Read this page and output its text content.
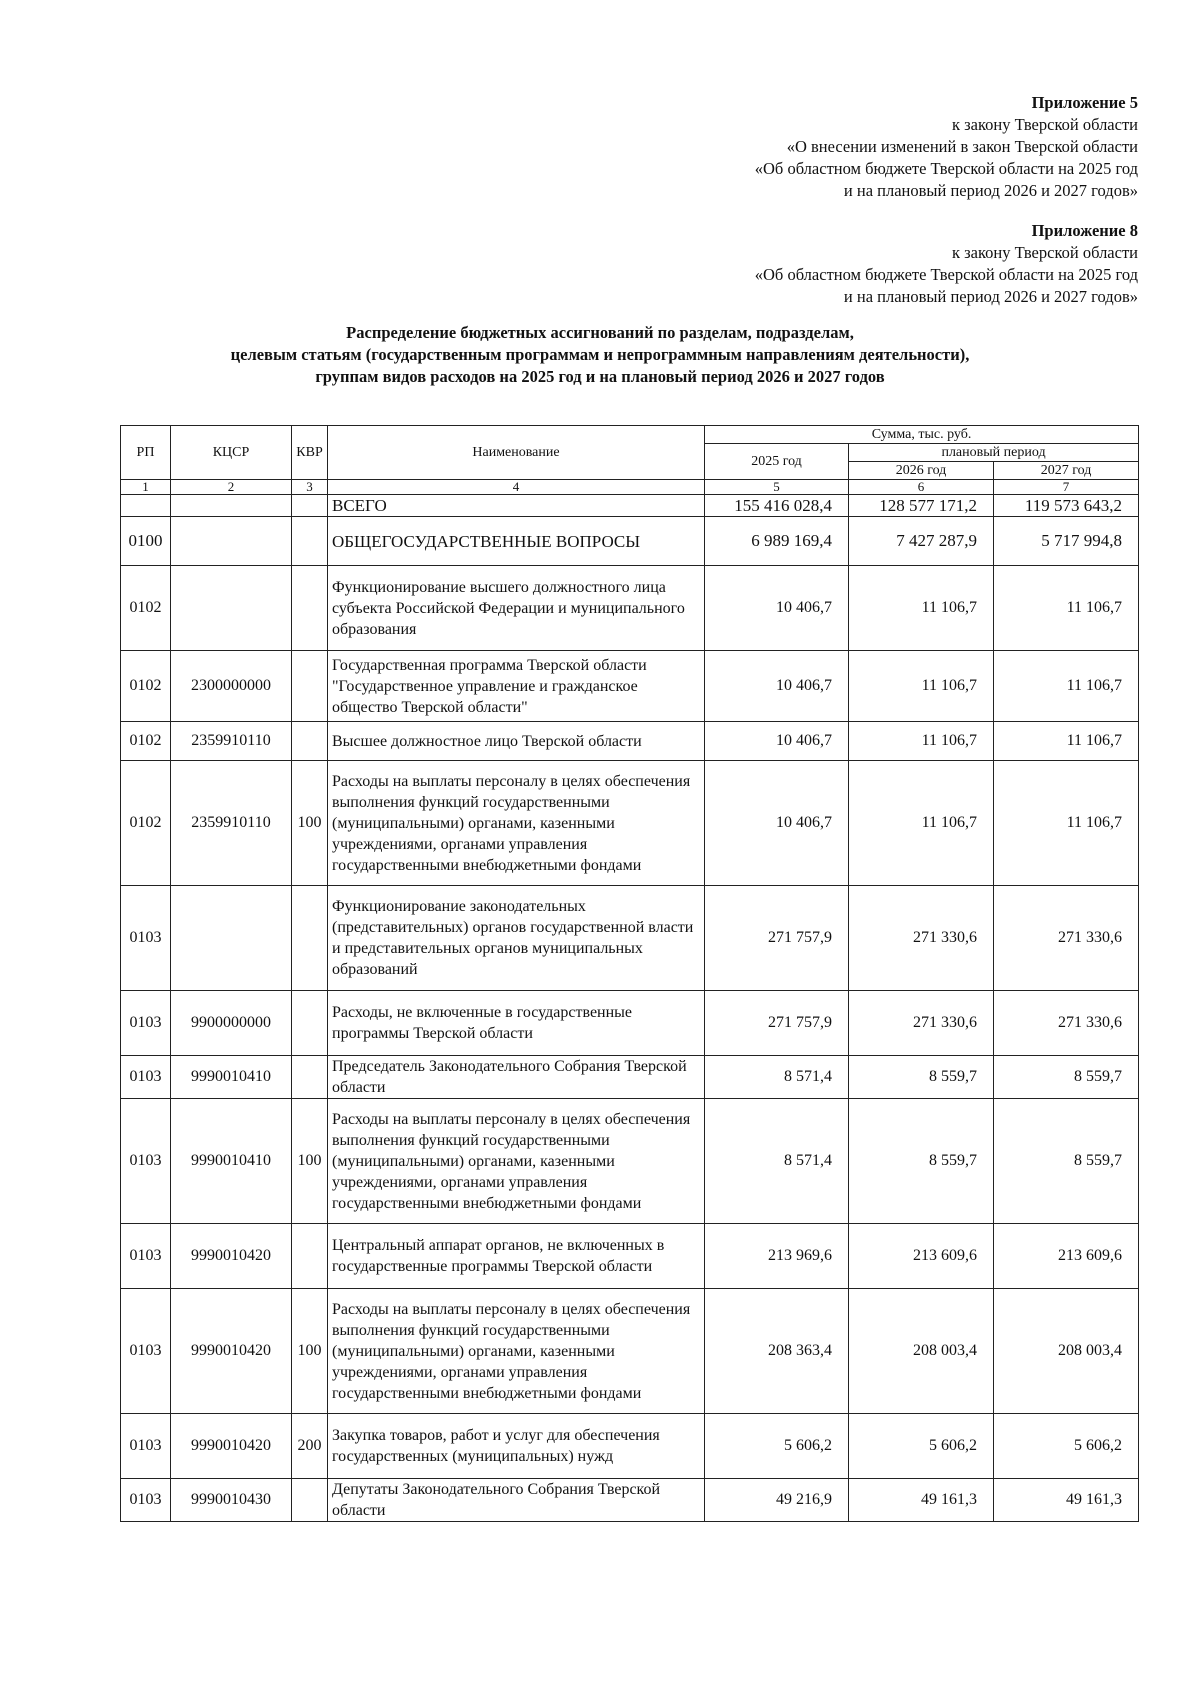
Приложение 5
к закону Тверской области
«О внесении изменений в закон Тверской области
«Об областном бюджете Тверской области на 2025 год
и на плановый период 2026 и 2027 годов»
Приложение 8
к закону Тверской области
«Об областном бюджете Тверской области на 2025 год
и на плановый период 2026 и 2027 годов»
Распределение бюджетных ассигнований по разделам, подразделам,
целевым статьям (государственным программам и непрограммным направлениям деятельности),
группам видов расходов на 2025 год и на плановый период 2026 и 2027 годов
РП	КЦСР	КВР	Наименование	Сумма, тыс. руб.		
				2025 год	плановый период	
					2026 год	2027 год
1	2	3	4	5	6	7
			ВСЕГО	155 416 028,4	128 577 171,2	119 573 643,2
0100			ОБЩЕГОСУДАРСТВЕННЫЕ ВОПРОСЫ	6 989 169,4	7 427 287,9	5 717 994,8
0102			Функционирование высшего должностного лица субъекта Российской Федерации и муниципального образования	10 406,7	11 106,7	11 106,7
0102	2300000000		Государственная программа Тверской области "Государственное управление и гражданское общество Тверской области"	10 406,7	11 106,7	11 106,7
0102	2359910110		Высшее должностное лицо Тверской области	10 406,7	11 106,7	11 106,7
0102	2359910110	100	Расходы на выплаты персоналу в целях обеспечения выполнения функций государственными (муниципальными) органами, казенными учреждениями, органами управления государственными внебюджетными фондами	10 406,7	11 106,7	11 106,7
0103			Функционирование законодательных (представительных) органов государственной власти и представительных органов муниципальных образований	271 757,9	271 330,6	271 330,6
0103	9900000000		Расходы, не включенные в государственные программы Тверской области	271 757,9	271 330,6	271 330,6
0103	9990010410		Председатель Законодательного Собрания Тверской области	8 571,4	8 559,7	8 559,7
0103	9990010410	100	Расходы на выплаты персоналу в целях обеспечения выполнения функций государственными (муниципальными) органами, казенными учреждениями, органами управления государственными внебюджетными фондами	8 571,4	8 559,7	8 559,7
0103	9990010420		Центральный аппарат органов, не включенных в государственные программы Тверской области	213 969,6	213 609,6	213 609,6
0103	9990010420	100	Расходы на выплаты персоналу в целях обеспечения выполнения функций государственными (муниципальными) органами, казенными учреждениями, органами управления государственными внебюджетными фондами	208 363,4	208 003,4	208 003,4
0103	9990010420	200	Закупка товаров, работ и услуг для обеспечения государственных (муниципальных) нужд	5 606,2	5 606,2	5 606,2
0103	9990010430		Депутаты Законодательного Собрания Тверской области	49 216,9	49 161,3	49 161,3
